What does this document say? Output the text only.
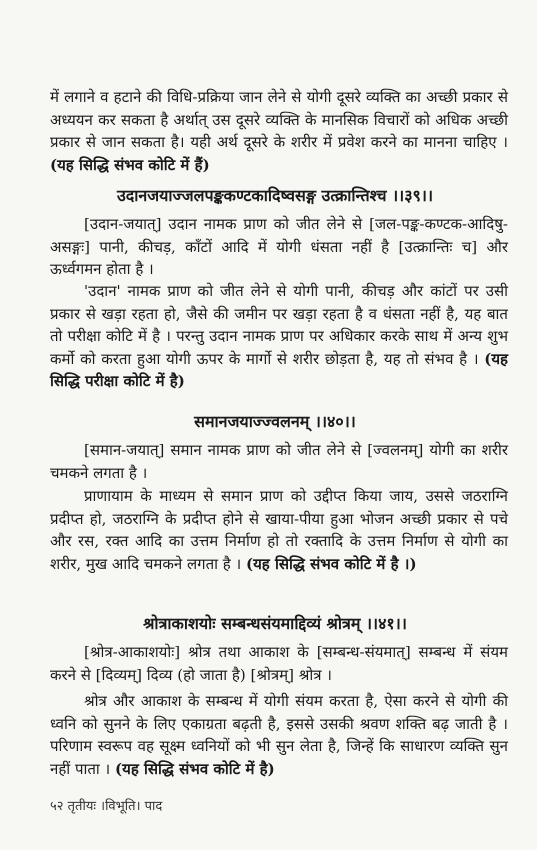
में लगाने व हटाने की विधि-प्रक्रिया जान लेने से योगी दूसरे व्यक्ति का अच्छी प्रकार से अध्ययन कर सकता है अर्थात् उस दूसरे व्यक्ति के मानसिक विचारों को अधिक अच्छी प्रकार से जान सकता है। यही अर्थ दूसरे के शरीर में प्रवेश करने का मानना चाहिए । (यह सिद्धि संभव कोटि में हैं)

उदानजयाज्जलपङ्ककण्टकादिष्वसङ्ग उत्क्रान्तिश्च ।।३९।।

[उदान-जयात्] उदान नामक प्राण को जीत लेने से [जल-पङ्क-कण्टक-आदिषु-असङ्गः] पानी, कीचड़, काँटों आदि में योगी धंसता नहीं है [उत्क्रान्तिः च] और ऊर्ध्वगमन होता है ।

'उदान' नामक प्राण को जीत लेने से योगी पानी, कीचड़ और कांटों पर उसी प्रकार से खड़ा रहता हो, जैसे की जमीन पर खड़ा रहता है व धंसता नहीं है, यह बात तो परीक्षा कोटि में है । परन्तु उदान नामक प्राण पर अधिकार करके साथ में अन्य शुभ कर्मो को करता हुआ योगी ऊपर के मार्गो से शरीर छोड़ता है, यह तो संभव है । (यह सिद्धि परीक्षा कोटि में है)

समानजयाज्ज्वलनम् ।।४०।।

[समान-जयात्] समान नामक प्राण को जीत लेने से [ज्वलनम्] योगी का शरीर चमकने लगता है ।

प्राणायाम के माध्यम से समान प्राण को उद्दीप्त किया जाय, उससे जठराग्नि प्रदीप्त हो, जठराग्नि के प्रदीप्त होने से खाया-पीया हुआ भोजन अच्छी प्रकार से पचे और रस, रक्त आदि का उत्तम निर्माण हो तो रक्तादि के उत्तम निर्माण से योगी का शरीर, मुख आदि चमकने लगता है । (यह सिद्धि संभव कोटि में है ।)

श्रोत्राकाशयोः सम्बन्धसंयमाद्दिव्यं श्रोत्रम् ।।४१।।

[श्रोत्र-आकाशयोः] श्रोत्र तथा आकाश के [सम्बन्ध-संयमात्] सम्बन्ध में संयम करने से [दिव्यम्] दिव्य (हो जाता है) [श्रोत्रम्] श्रोत्र ।

श्रोत्र और आकाश के सम्बन्ध में योगी संयम करता है, ऐसा करने से योगी की ध्वनि को सुनने के लिए एकाग्रता बढ़ती है, इससे उसकी श्रवण शक्ति बढ़ जाती है । परिणाम स्वरूप वह सूक्ष्म ध्वनियों को भी सुन लेता है, जिन्हें कि साधारण व्यक्ति सुन नहीं पाता । (यह सिद्धि संभव कोटि में है)

५२ तृतीयः ।विभूति। पाद
